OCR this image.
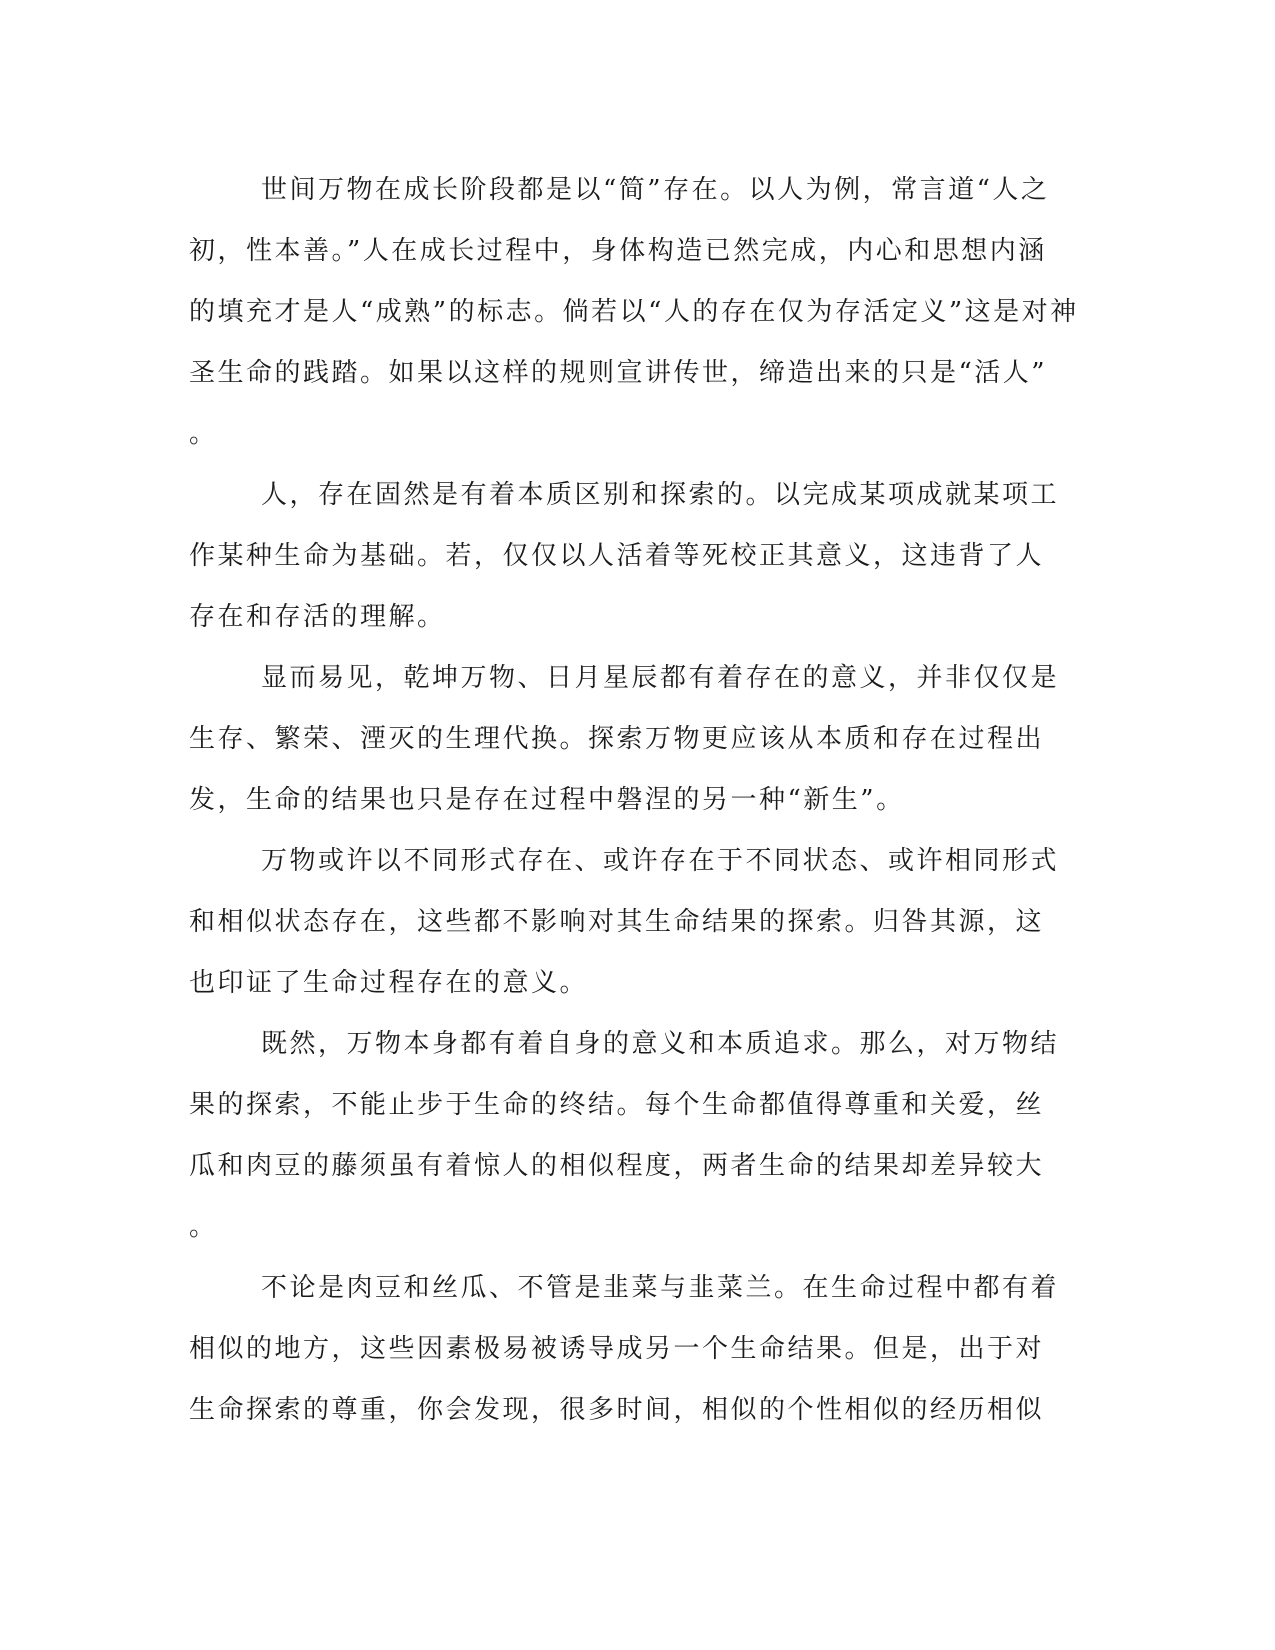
世间万物在成长阶段都是以“简”存在。以人为例，常言道“人之
初，性本善。”人在成长过程中，身体构造已然完成，内心和思想内涵
的填充才是人“成熟”的标志。倘若以“人的存在仅为存活定义”这是对神
圣生命的践踏。如果以这样的规则宣讲传世，缔造出来的只是“活人”
。
人，存在固然是有着本质区别和探索的。以完成某项成就某项工
作某种生命为基础。若，仅仅以人活着等死校正其意义，这违背了人
存在和存活的理解。
显而易见，乾坤万物、日月星辰都有着存在的意义，并非仅仅是
生存、繁荣、湮灭的生理代换。探索万物更应该从本质和存在过程出
发，生命的结果也只是存在过程中磐涅的另一种“新生”。
万物或许以不同形式存在、或许存在于不同状态、或许相同形式
和相似状态存在，这些都不影响对其生命结果的探索。归咎其源，这
也印证了生命过程存在的意义。
既然，万物本身都有着自身的意义和本质追求。那么，对万物结
果的探索，不能止步于生命的终结。每个生命都值得尊重和关爱，丝
瓜和肉豆的藤须虽有着惊人的相似程度，两者生命的结果却差异较大
。
不论是肉豆和丝瓜、不管是韭菜与韭菜兰。在生命过程中都有着
相似的地方，这些因素极易被诱导成另一个生命结果。但是，出于对
生命探索的尊重，你会发现，很多时间，相似的个性相似的经历相似
